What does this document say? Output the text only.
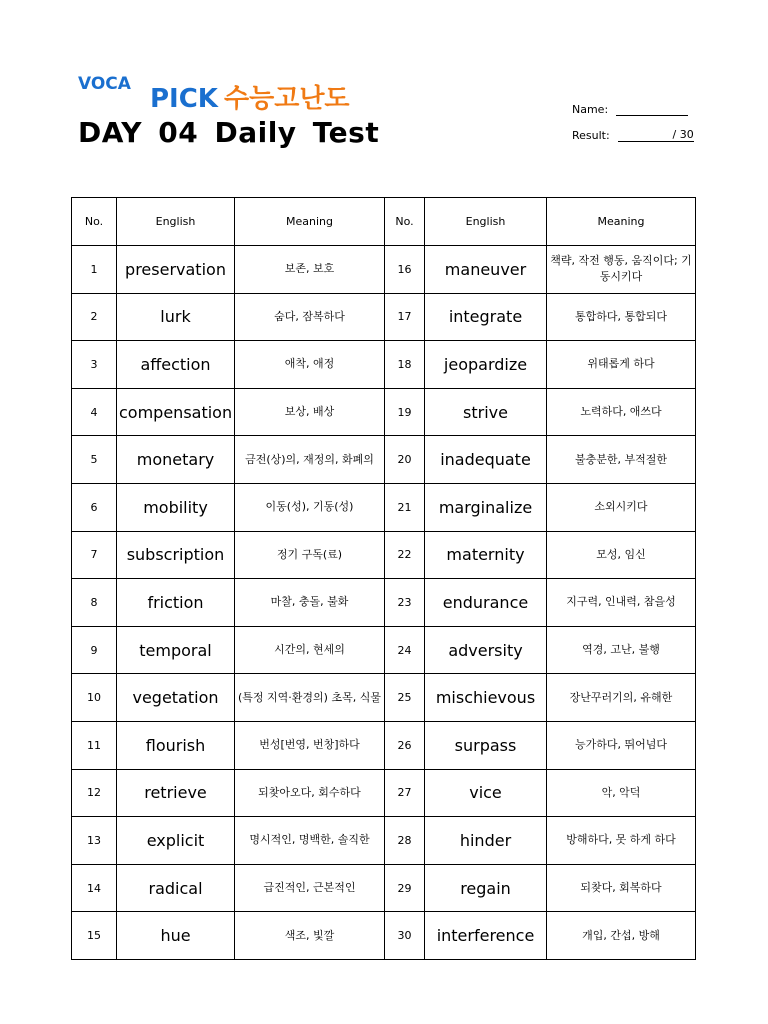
VOCA PICK 수능고난도
DAY 04 Daily Test
Name:
Result:	/ 30
No.	English	Meaning	No.	English	Meaning
1	preservation	보존, 보호	16	maneuver	책략, 작전 행동, 움직이다; 기동시키다
2	lurk	숨다, 잠복하다	17	integrate	통합하다, 통합되다
3	affection	애착, 애정	18	jeopardize	위태롭게 하다
4	compensation	보상, 배상	19	strive	노력하다, 애쓰다
5	monetary	금전(상)의, 재정의, 화폐의	20	inadequate	불충분한, 부적절한
6	mobility	이동(성), 기동(성)	21	marginalize	소외시키다
7	subscription	정기 구독(료)	22	maternity	모성, 임신
8	friction	마찰, 충돌, 불화	23	endurance	지구력, 인내력, 참을성
9	temporal	시간의, 현세의	24	adversity	역경, 고난, 불행
10	vegetation	(특정 지역·환경의) 초목, 식물	25	mischievous	장난꾸러기의, 유해한
11	flourish	번성[번영, 번창]하다	26	surpass	능가하다, 뛰어넘다
12	retrieve	되찾아오다, 회수하다	27	vice	악, 악덕
13	explicit	명시적인, 명백한, 솔직한	28	hinder	방해하다, 못 하게 하다
14	radical	급진적인, 근본적인	29	regain	되찾다, 회복하다
15	hue	색조, 빛깔	30	interference	개입, 간섭, 방해
